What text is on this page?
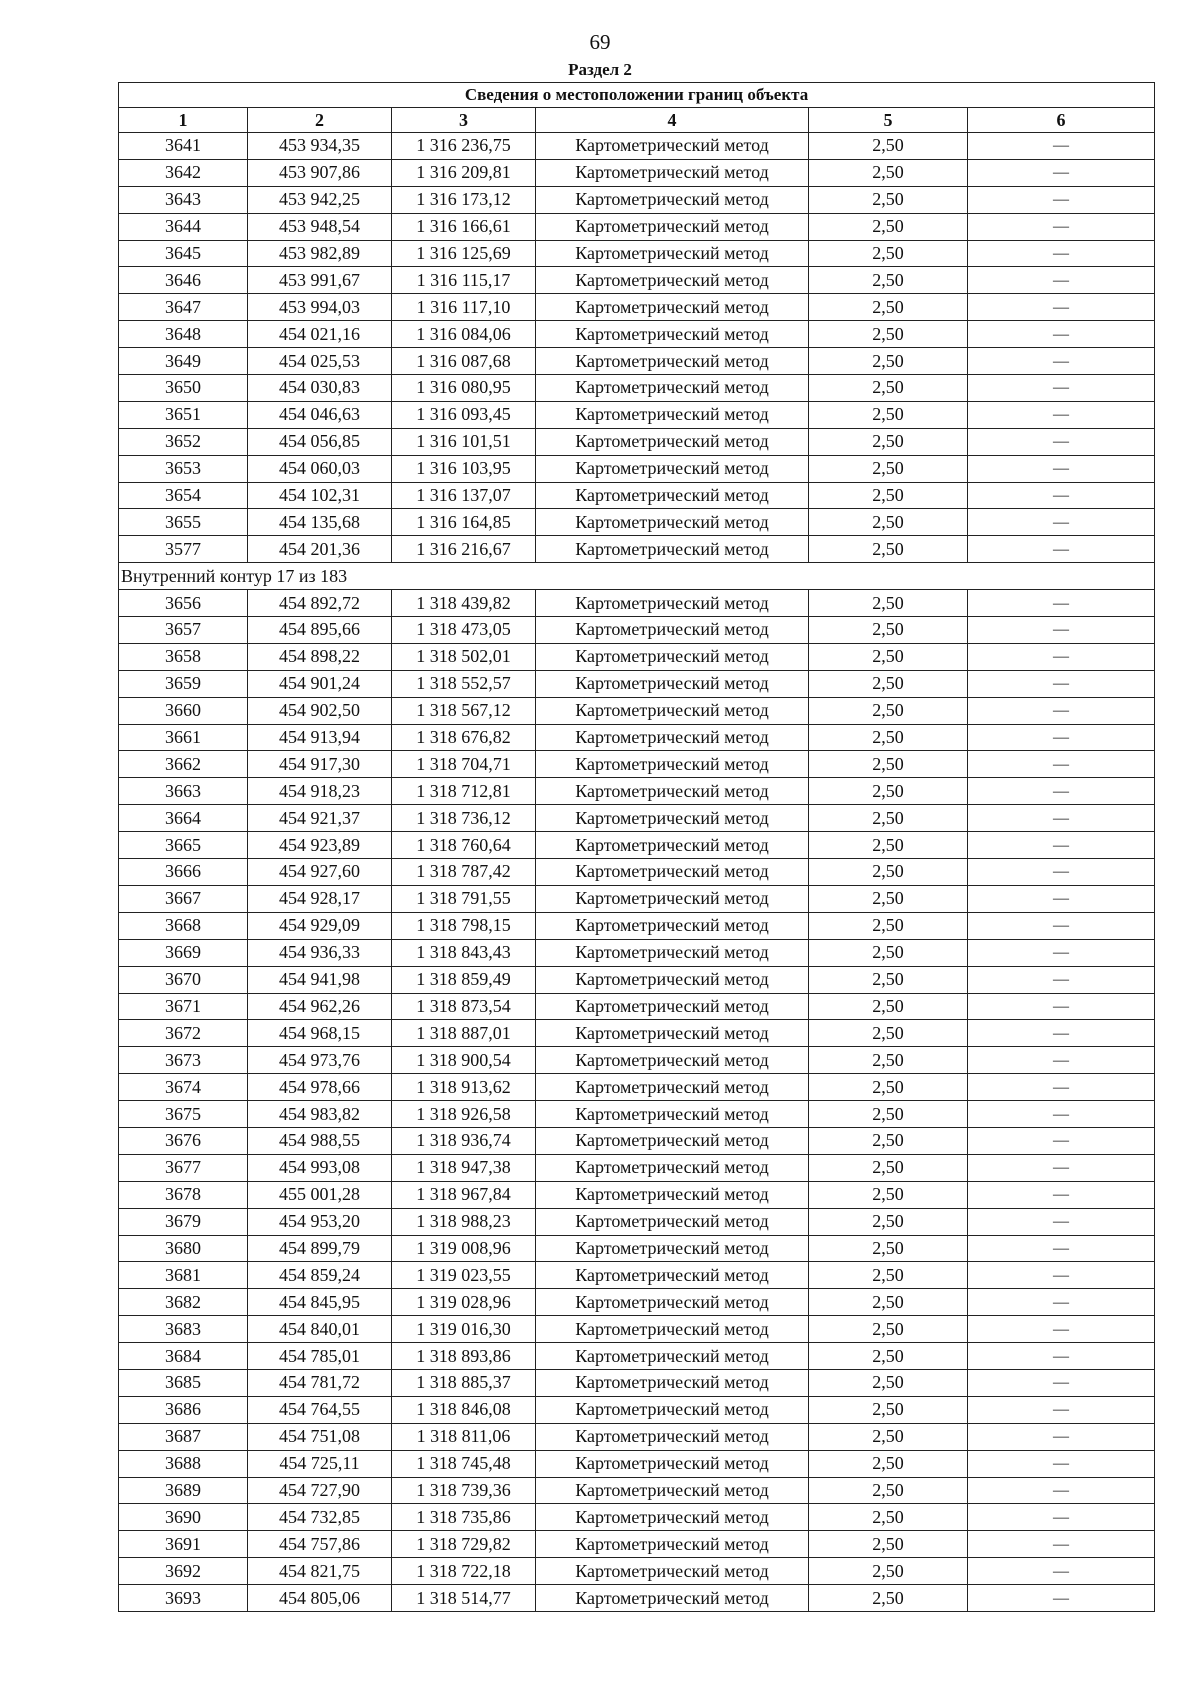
69
Раздел 2
Сведения о местоположении границ объекта					
1	2	3	4	5	6
3641	453 934,35	1 316 236,75	Картометрический метод	2,50	—
3642	453 907,86	1 316 209,81	Картометрический метод	2,50	—
3643	453 942,25	1 316 173,12	Картометрический метод	2,50	—
3644	453 948,54	1 316 166,61	Картометрический метод	2,50	—
3645	453 982,89	1 316 125,69	Картометрический метод	2,50	—
3646	453 991,67	1 316 115,17	Картометрический метод	2,50	—
3647	453 994,03	1 316 117,10	Картометрический метод	2,50	—
3648	454 021,16	1 316 084,06	Картометрический метод	2,50	—
3649	454 025,53	1 316 087,68	Картометрический метод	2,50	—
3650	454 030,83	1 316 080,95	Картометрический метод	2,50	—
3651	454 046,63	1 316 093,45	Картометрический метод	2,50	—
3652	454 056,85	1 316 101,51	Картометрический метод	2,50	—
3653	454 060,03	1 316 103,95	Картометрический метод	2,50	—
3654	454 102,31	1 316 137,07	Картометрический метод	2,50	—
3655	454 135,68	1 316 164,85	Картометрический метод	2,50	—
3577	454 201,36	1 316 216,67	Картометрический метод	2,50	—
Внутренний контур 17 из 183					
3656	454 892,72	1 318 439,82	Картометрический метод	2,50	—
3657	454 895,66	1 318 473,05	Картометрический метод	2,50	—
3658	454 898,22	1 318 502,01	Картометрический метод	2,50	—
3659	454 901,24	1 318 552,57	Картометрический метод	2,50	—
3660	454 902,50	1 318 567,12	Картометрический метод	2,50	—
3661	454 913,94	1 318 676,82	Картометрический метод	2,50	—
3662	454 917,30	1 318 704,71	Картометрический метод	2,50	—
3663	454 918,23	1 318 712,81	Картометрический метод	2,50	—
3664	454 921,37	1 318 736,12	Картометрический метод	2,50	—
3665	454 923,89	1 318 760,64	Картометрический метод	2,50	—
3666	454 927,60	1 318 787,42	Картометрический метод	2,50	—
3667	454 928,17	1 318 791,55	Картометрический метод	2,50	—
3668	454 929,09	1 318 798,15	Картометрический метод	2,50	—
3669	454 936,33	1 318 843,43	Картометрический метод	2,50	—
3670	454 941,98	1 318 859,49	Картометрический метод	2,50	—
3671	454 962,26	1 318 873,54	Картометрический метод	2,50	—
3672	454 968,15	1 318 887,01	Картометрический метод	2,50	—
3673	454 973,76	1 318 900,54	Картометрический метод	2,50	—
3674	454 978,66	1 318 913,62	Картометрический метод	2,50	—
3675	454 983,82	1 318 926,58	Картометрический метод	2,50	—
3676	454 988,55	1 318 936,74	Картометрический метод	2,50	—
3677	454 993,08	1 318 947,38	Картометрический метод	2,50	—
3678	455 001,28	1 318 967,84	Картометрический метод	2,50	—
3679	454 953,20	1 318 988,23	Картометрический метод	2,50	—
3680	454 899,79	1 319 008,96	Картометрический метод	2,50	—
3681	454 859,24	1 319 023,55	Картометрический метод	2,50	—
3682	454 845,95	1 319 028,96	Картометрический метод	2,50	—
3683	454 840,01	1 319 016,30	Картометрический метод	2,50	—
3684	454 785,01	1 318 893,86	Картометрический метод	2,50	—
3685	454 781,72	1 318 885,37	Картометрический метод	2,50	—
3686	454 764,55	1 318 846,08	Картометрический метод	2,50	—
3687	454 751,08	1 318 811,06	Картометрический метод	2,50	—
3688	454 725,11	1 318 745,48	Картометрический метод	2,50	—
3689	454 727,90	1 318 739,36	Картометрический метод	2,50	—
3690	454 732,85	1 318 735,86	Картометрический метод	2,50	—
3691	454 757,86	1 318 729,82	Картометрический метод	2,50	—
3692	454 821,75	1 318 722,18	Картометрический метод	2,50	—
3693	454 805,06	1 318 514,77	Картометрический метод	2,50	—
